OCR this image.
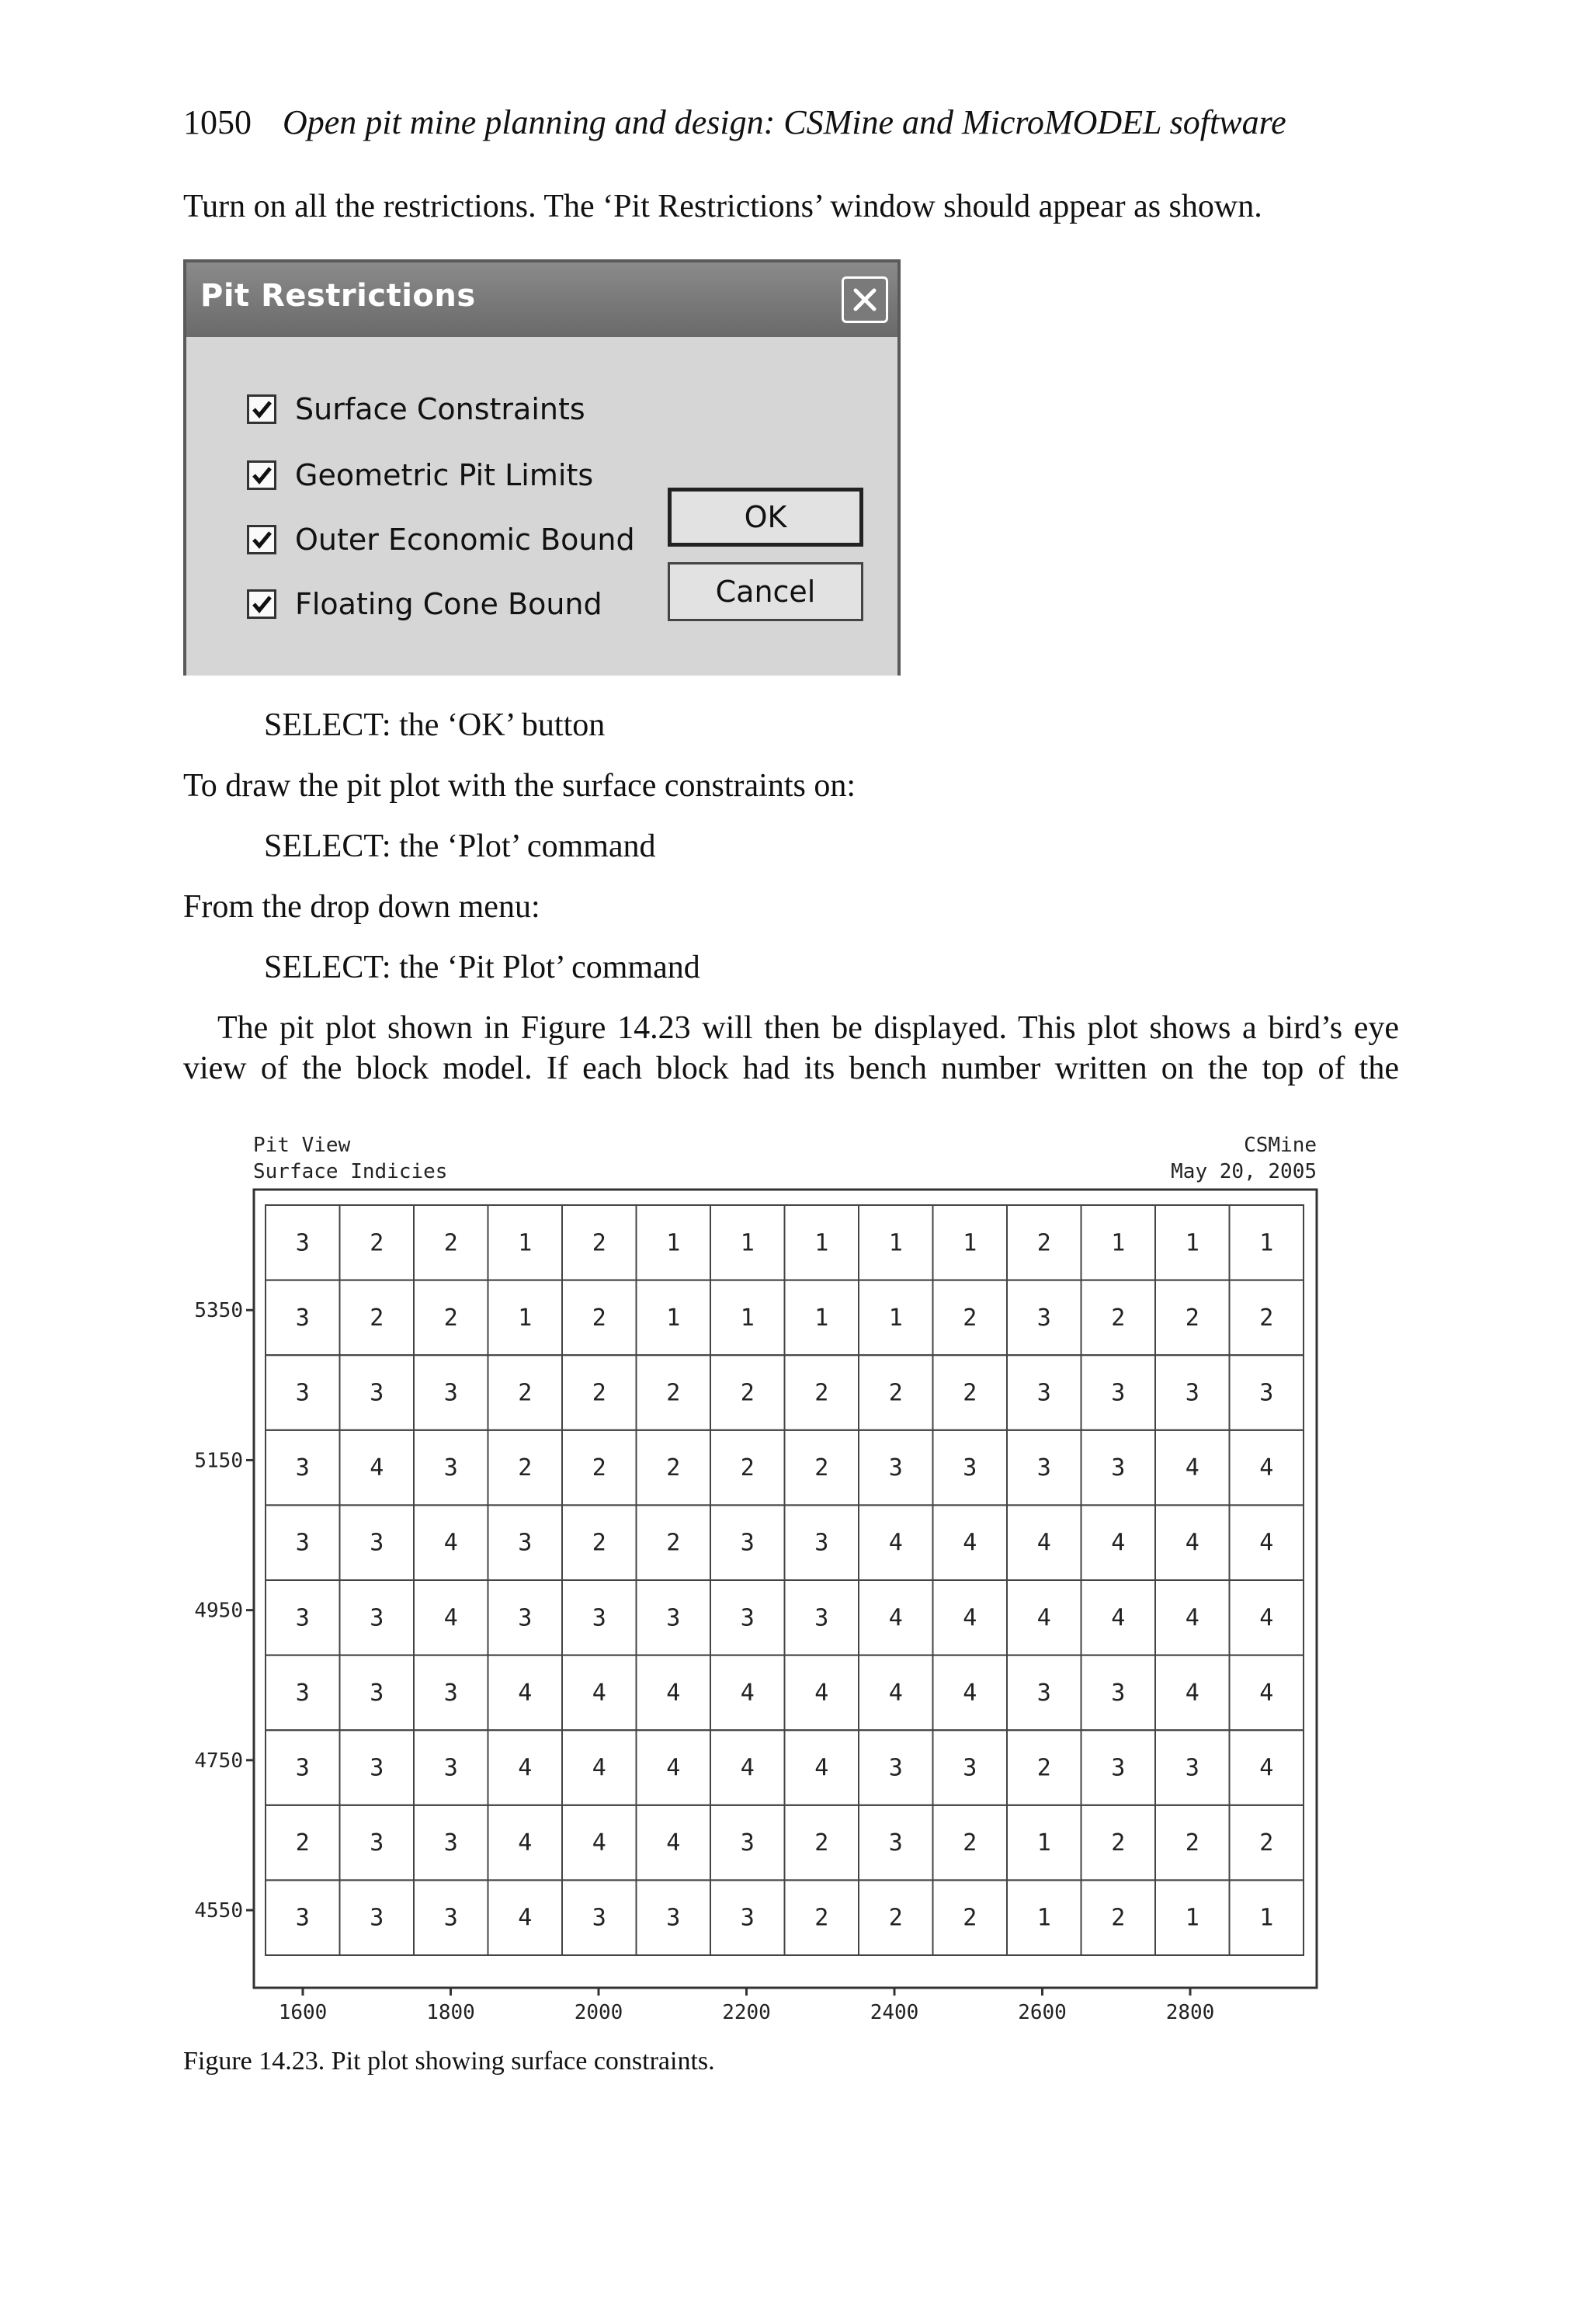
1050 Open pit mine planning and design: CSMine and MicroMODEL software
Turn on all the restrictions. The ‘Pit Restrictions’ window should appear as shown.
Pit Restrictions
Surface Constraints
Geometric Pit Limits
Outer Economic Bound
Floating Cone Bound
OK
Cancel
SELECT: the ‘OK’ button
To draw the pit plot with the surface constraints on:
SELECT: the ‘Plot’ command
From the drop down menu:
SELECT: the ‘Pit Plot’ command
The pit plot shown in Figure 14.23 will then be displayed. This plot shows a bird’s eye
view of the block model. If each block had its bench number written on the top of the
Pit View
Surface Indicies
CSMine
May 20, 2005
3	2	2	1	2	1	1	1	1	1	2	1	1	1
3	2	2	1	2	1	1	1	1	2	3	2	2	2
3	3	3	2	2	2	2	2	2	2	3	3	3	3
3	4	3	2	2	2	2	2	3	3	3	3	4	4
3	3	4	3	2	2	3	3	4	4	4	4	4	4
3	3	4	3	3	3	3	3	4	4	4	4	4	4
3	3	3	4	4	4	4	4	4	4	3	3	4	4
3	3	3	4	4	4	4	4	3	3	2	3	3	4
2	3	3	4	4	4	3	2	3	2	1	2	2	2
3	3	3	4	3	3	3	2	2	2	1	2	1	1
5350
5150
4950
4750
4550
1600	1800	2000	2200	2400	2600	2800
Figure 14.23. Pit plot showing surface constraints.
